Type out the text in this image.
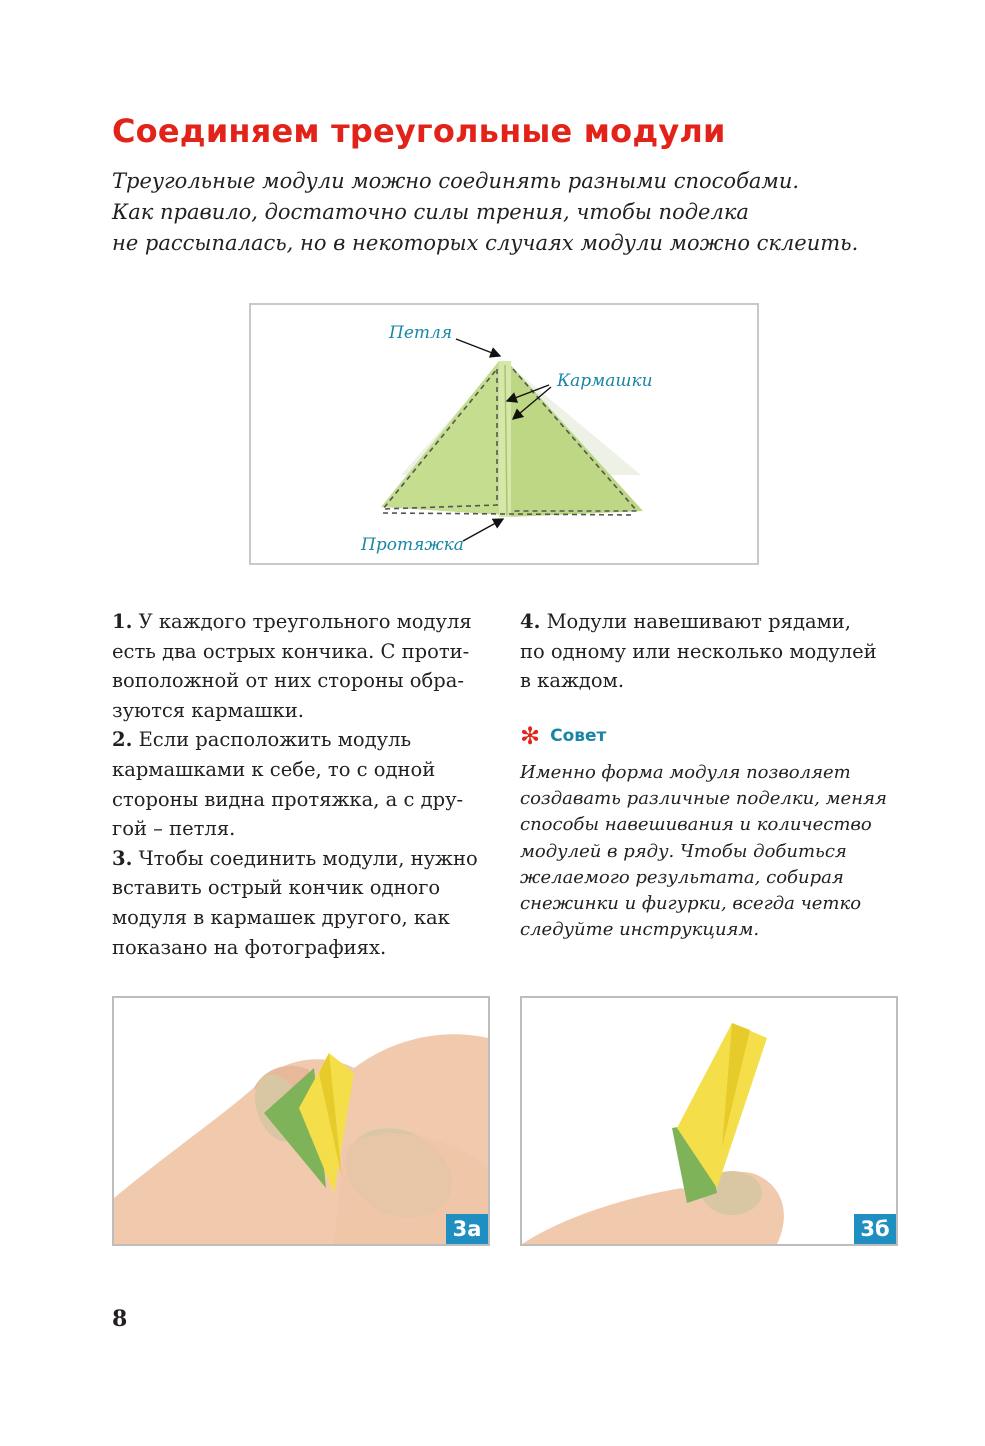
Соединяем треугольные модули
Треугольные модули можно соединять разными способами.
Как правило, достаточно силы трения, чтобы поделка
не рассыпалась, но в некоторых случаях модули можно склеить.
Петля
Кармашки
Протяжка

1. У каждого треугольного модуля

есть два острых кончика. С проти-

воположной от них стороны обра-

зуются кармашки.

2. Если расположить модуль

кармашками к себе, то с одной

стороны видна протяжка, а с дру-

гой – петля.

3. Чтобы соединить модули, нужно

вставить острый кончик одного

модуля в кармашек другого, как

показано на фотографиях.

4. Модули навешивают рядами,

по одному или несколько модулей

в каждом.

✻ Совет
Именно форма модуля позволяет
создавать различные поделки, меняя
способы навешивания и количество
модулей в ряду. Чтобы добиться
желаемого результата, собирая
снежинки и фигурки, всегда четко
следуйте инструкциям.
3а	3б
8
